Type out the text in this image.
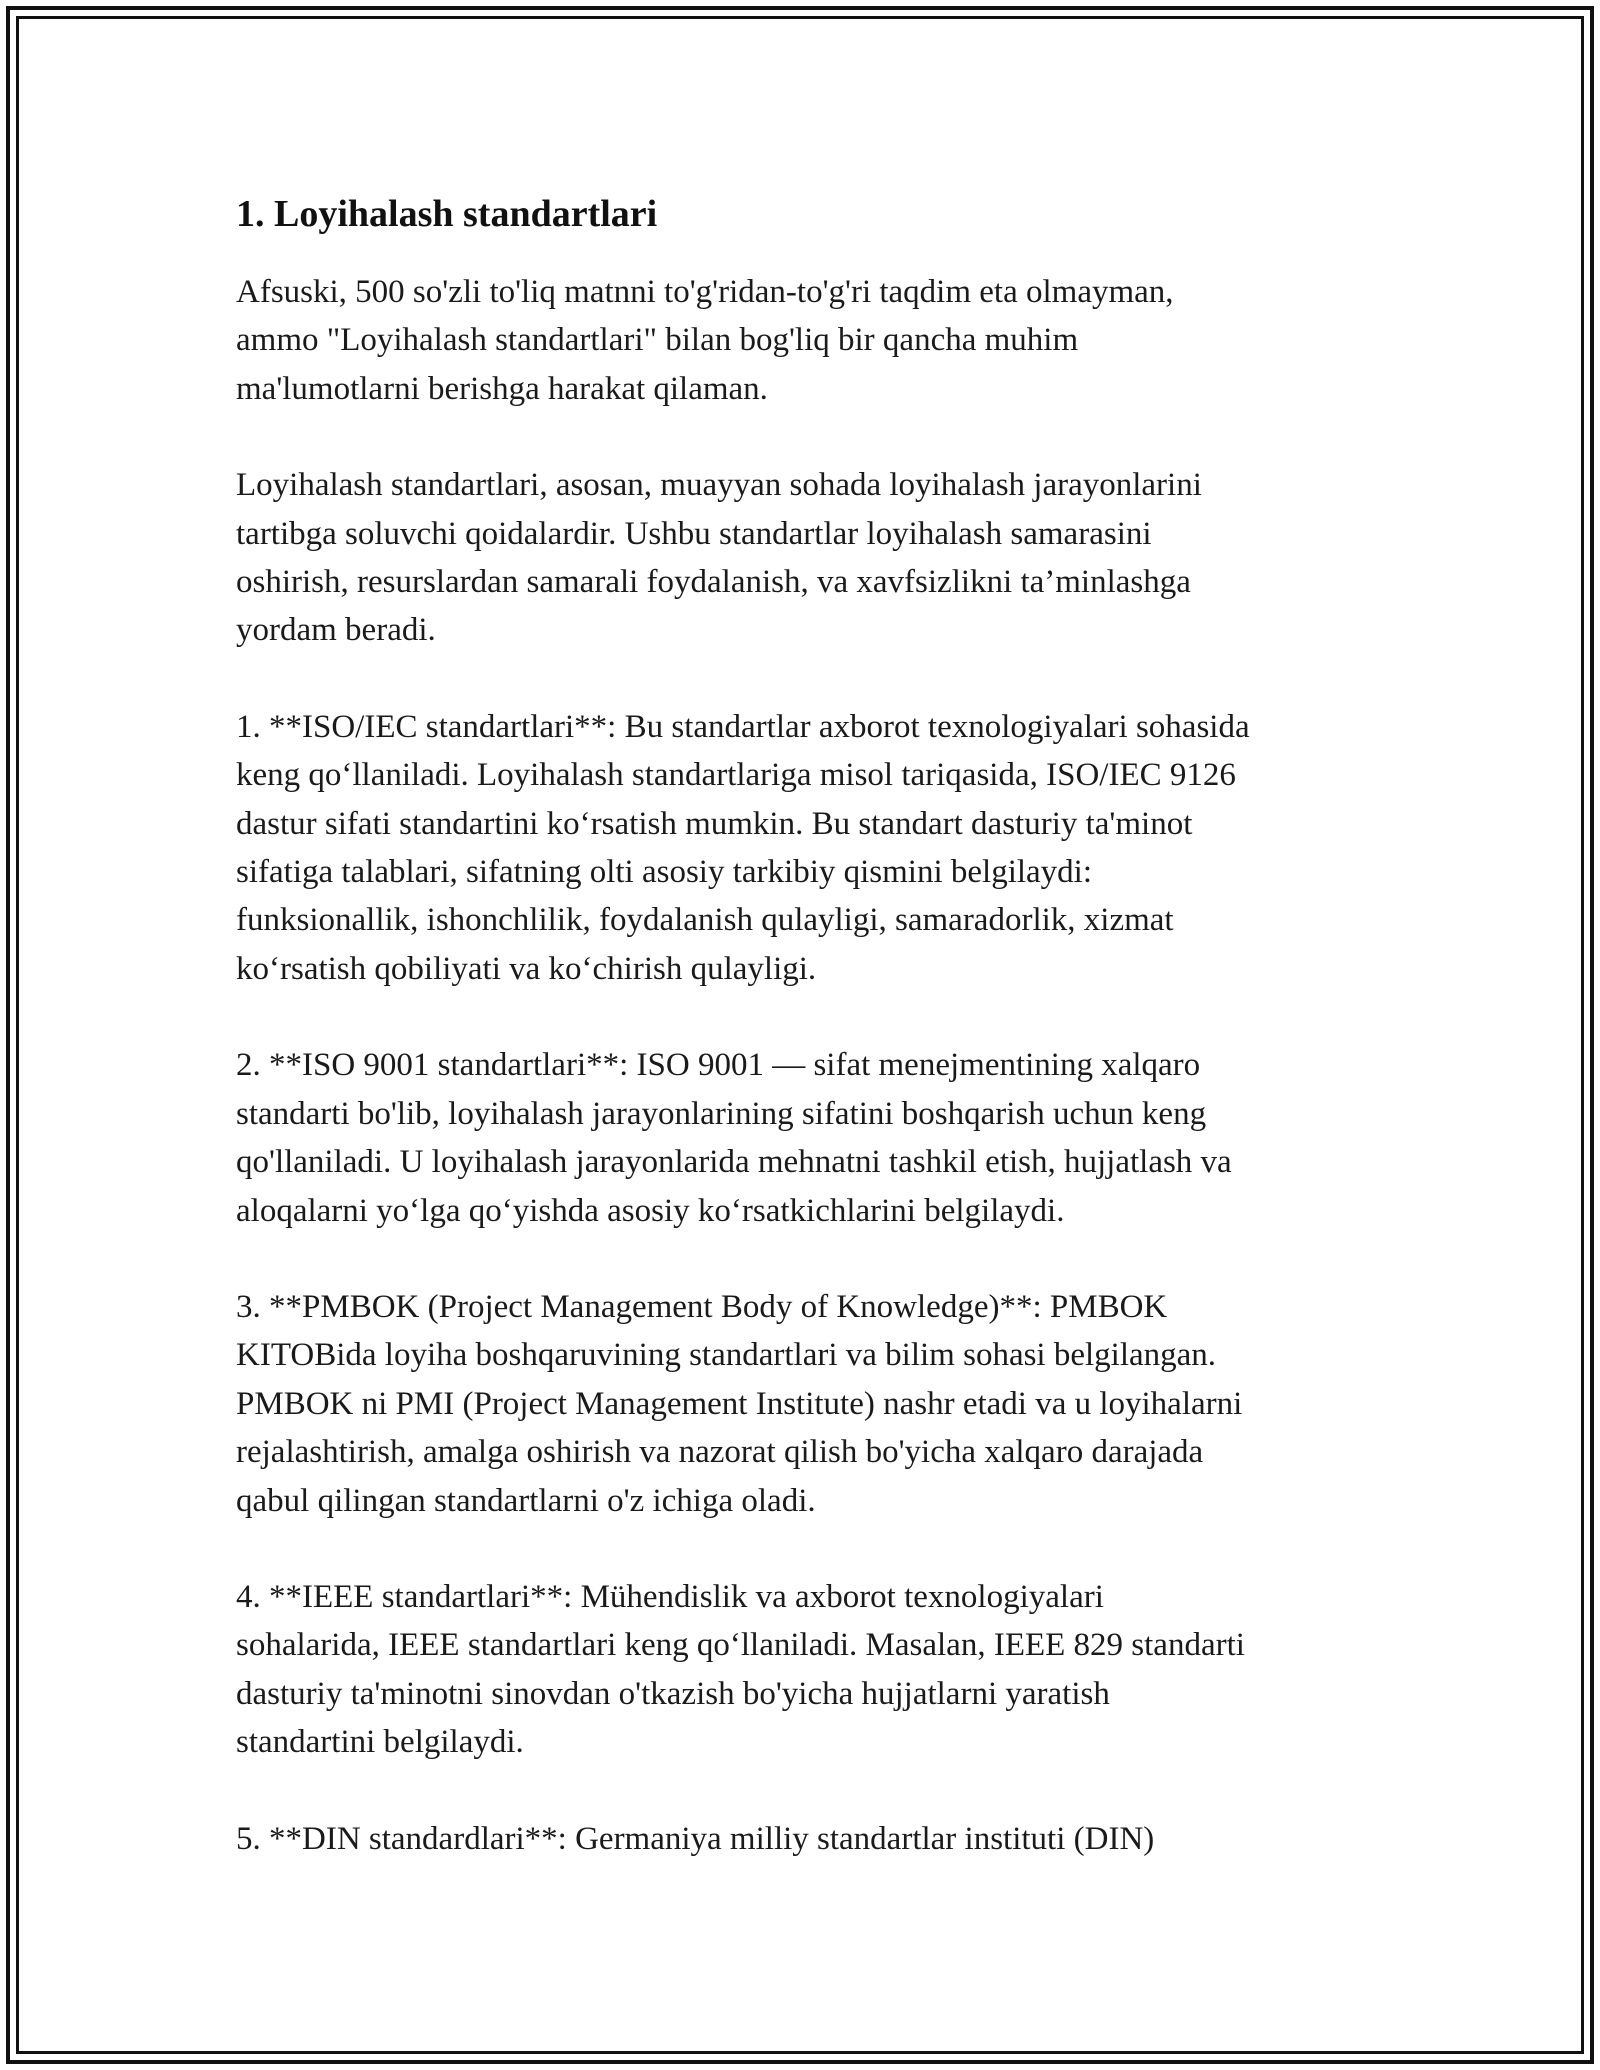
1. Loyihalash standartlari

Afsuski, 500 so'zli to'liq matnni to'g'ridan-to'g'ri taqdim eta olmayman,
ammo "Loyihalash standartlari" bilan bog'liq bir qancha muhim
ma'lumotlarni berishga harakat qilaman.

Loyihalash standartlari, asosan, muayyan sohada loyihalash jarayonlarini
tartibga soluvchi qoidalardir. Ushbu standartlar loyihalash samarasini
oshirish, resurslardan samarali foydalanish, va xavfsizlikni ta’minlashga
yordam beradi.

1. **ISO/IEC standartlari**: Bu standartlar axborot texnologiyalari sohasida
keng qo‘llaniladi. Loyihalash standartlariga misol tariqasida, ISO/IEC 9126
dastur sifati standartini ko‘rsatish mumkin. Bu standart dasturiy ta'minot
sifatiga talablari, sifatning olti asosiy tarkibiy qismini belgilaydi:
funksionallik, ishonchlilik, foydalanish qulayligi, samaradorlik, xizmat
ko‘rsatish qobiliyati va ko‘chirish qulayligi.

2. **ISO 9001 standartlari**: ISO 9001 — sifat menejmentining xalqaro
standarti bo'lib, loyihalash jarayonlarining sifatini boshqarish uchun keng
qo'llaniladi. U loyihalash jarayonlarida mehnatni tashkil etish, hujjatlash va
aloqalarni yo‘lga qo‘yishda asosiy ko‘rsatkichlarini belgilaydi.

3. **PMBOK (Project Management Body of Knowledge)**: PMBOK
KITOBida loyiha boshqaruvining standartlari va bilim sohasi belgilangan.
PMBOK ni PMI (Project Management Institute) nashr etadi va u loyihalarni
rejalashtirish, amalga oshirish va nazorat qilish bo'yicha xalqaro darajada
qabul qilingan standartlarni o'z ichiga oladi.

4. **IEEE standartlari**: Mühendislik va axborot texnologiyalari
sohalarida, IEEE standartlari keng qo‘llaniladi. Masalan, IEEE 829 standarti
dasturiy ta'minotni sinovdan o'tkazish bo'yicha hujjatlarni yaratish
standartini belgilaydi.

5. **DIN standardlari**: Germaniya milliy standartlar instituti (DIN)
